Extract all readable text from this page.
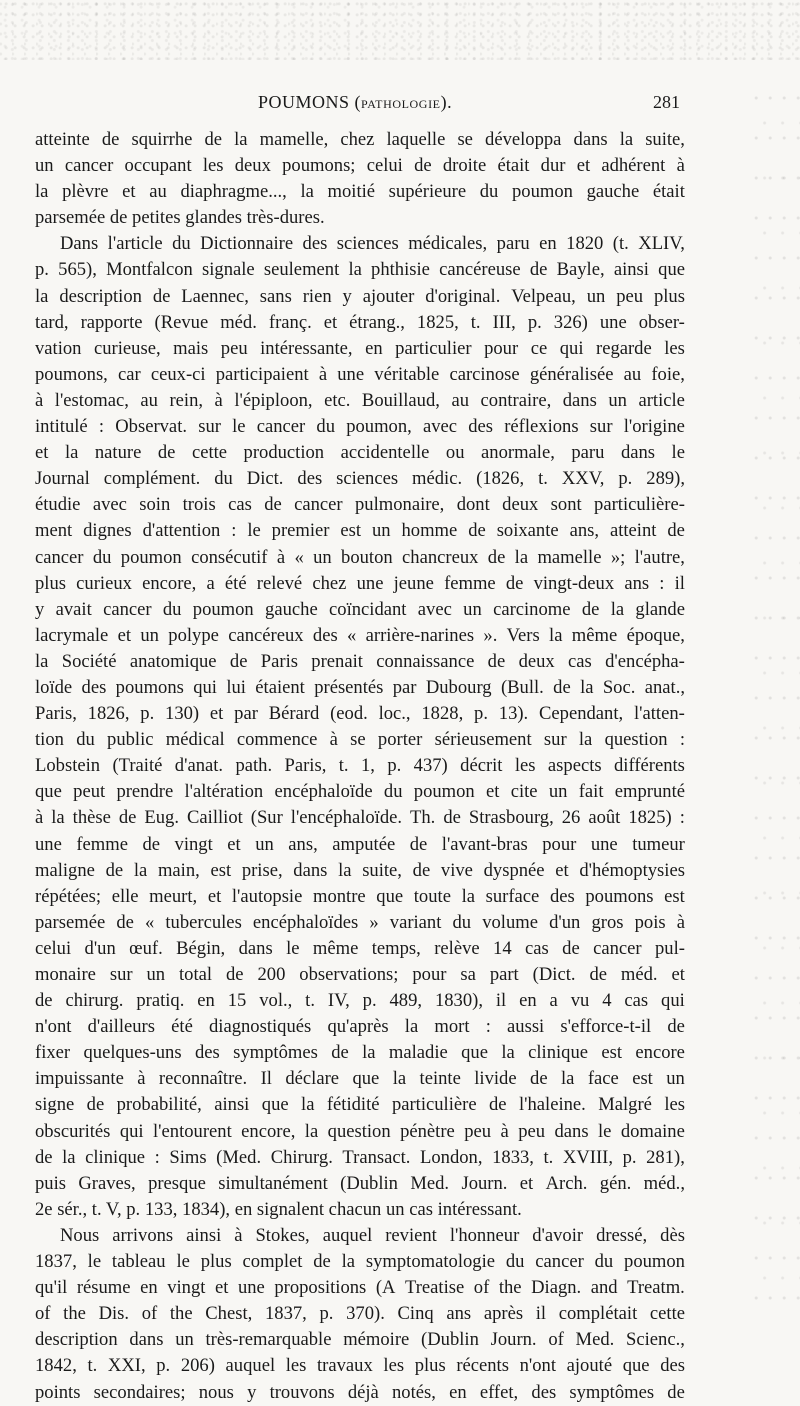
POUMONS (PATHOLOGIE).	281
atteinte de squirrhe de la mamelle, chez laquelle se développa dans la suite,
un cancer occupant les deux poumons; celui de droite était dur et adhérent à
la plèvre et au diaphragme..., la moitié supérieure du poumon gauche était
parsemée de petites glandes très-dures.
Dans l'article du Dictionnaire des sciences médicales, paru en 1820 (t. XLIV,
p. 565), Montfalcon signale seulement la phthisie cancéreuse de Bayle, ainsi que
la description de Laennec, sans rien y ajouter d'original. Velpeau, un peu plus
tard, rapporte (Revue méd. franç. et étrang., 1825, t. III, p. 326) une obser-
vation curieuse, mais peu intéressante, en particulier pour ce qui regarde les
poumons, car ceux-ci participaient à une véritable carcinose généralisée au foie,
à l'estomac, au rein, à l'épiploon, etc. Bouillaud, au contraire, dans un article
intitulé : Observat. sur le cancer du poumon, avec des réflexions sur l'origine
et la nature de cette production accidentelle ou anormale, paru dans le
Journal complément. du Dict. des sciences médic. (1826, t. XXV, p. 289),
étudie avec soin trois cas de cancer pulmonaire, dont deux sont particulière-
ment dignes d'attention : le premier est un homme de soixante ans, atteint de
cancer du poumon consécutif à « un bouton chancreux de la mamelle »; l'autre,
plus curieux encore, a été relevé chez une jeune femme de vingt-deux ans : il
y avait cancer du poumon gauche coïncidant avec un carcinome de la glande
lacrymale et un polype cancéreux des « arrière-narines ». Vers la même époque,
la Société anatomique de Paris prenait connaissance de deux cas d'encépha-
loïde des poumons qui lui étaient présentés par Dubourg (Bull. de la Soc. anat.,
Paris, 1826, p. 130) et par Bérard (eod. loc., 1828, p. 13). Cependant, l'atten-
tion du public médical commence à se porter sérieusement sur la question :
Lobstein (Traité d'anat. path. Paris, t. 1, p. 437) décrit les aspects différents
que peut prendre l'altération encéphaloïde du poumon et cite un fait emprunté
à la thèse de Eug. Cailliot (Sur l'encéphaloïde. Th. de Strasbourg, 26 août 1825) :
une femme de vingt et un ans, amputée de l'avant-bras pour une tumeur
maligne de la main, est prise, dans la suite, de vive dyspnée et d'hémoptysies
répétées; elle meurt, et l'autopsie montre que toute la surface des poumons est
parsemée de « tubercules encéphaloïdes » variant du volume d'un gros pois à
celui d'un œuf. Bégin, dans le même temps, relève 14 cas de cancer pul-
monaire sur un total de 200 observations; pour sa part (Dict. de méd. et
de chirurg. pratiq. en 15 vol., t. IV, p. 489, 1830), il en a vu 4 cas qui
n'ont d'ailleurs été diagnostiqués qu'après la mort : aussi s'efforce-t-il de
fixer quelques-uns des symptômes de la maladie que la clinique est encore
impuissante à reconnaître. Il déclare que la teinte livide de la face est un
signe de probabilité, ainsi que la fétidité particulière de l'haleine. Malgré les
obscurités qui l'entourent encore, la question pénètre peu à peu dans le domaine
de la clinique : Sims (Med. Chirurg. Transact. London, 1833, t. XVIII, p. 281),
puis Graves, presque simultanément (Dublin Med. Journ. et Arch. gén. méd.,
2e sér., t. V, p. 133, 1834), en signalent chacun un cas intéressant.
Nous arrivons ainsi à Stokes, auquel revient l'honneur d'avoir dressé, dès
1837, le tableau le plus complet de la symptomatologie du cancer du poumon
qu'il résume en vingt et une propositions (A Treatise of the Diagn. and Treatm.
of the Dis. of the Chest, 1837, p. 370). Cinq ans après il complétait cette
description dans un très-remarquable mémoire (Dublin Journ. of Med. Scienc.,
1842, t. XXI, p. 206) auquel les travaux les plus récents n'ont ajouté que des
points secondaires; nous y trouvons déjà notés, en effet, des symptômes de
